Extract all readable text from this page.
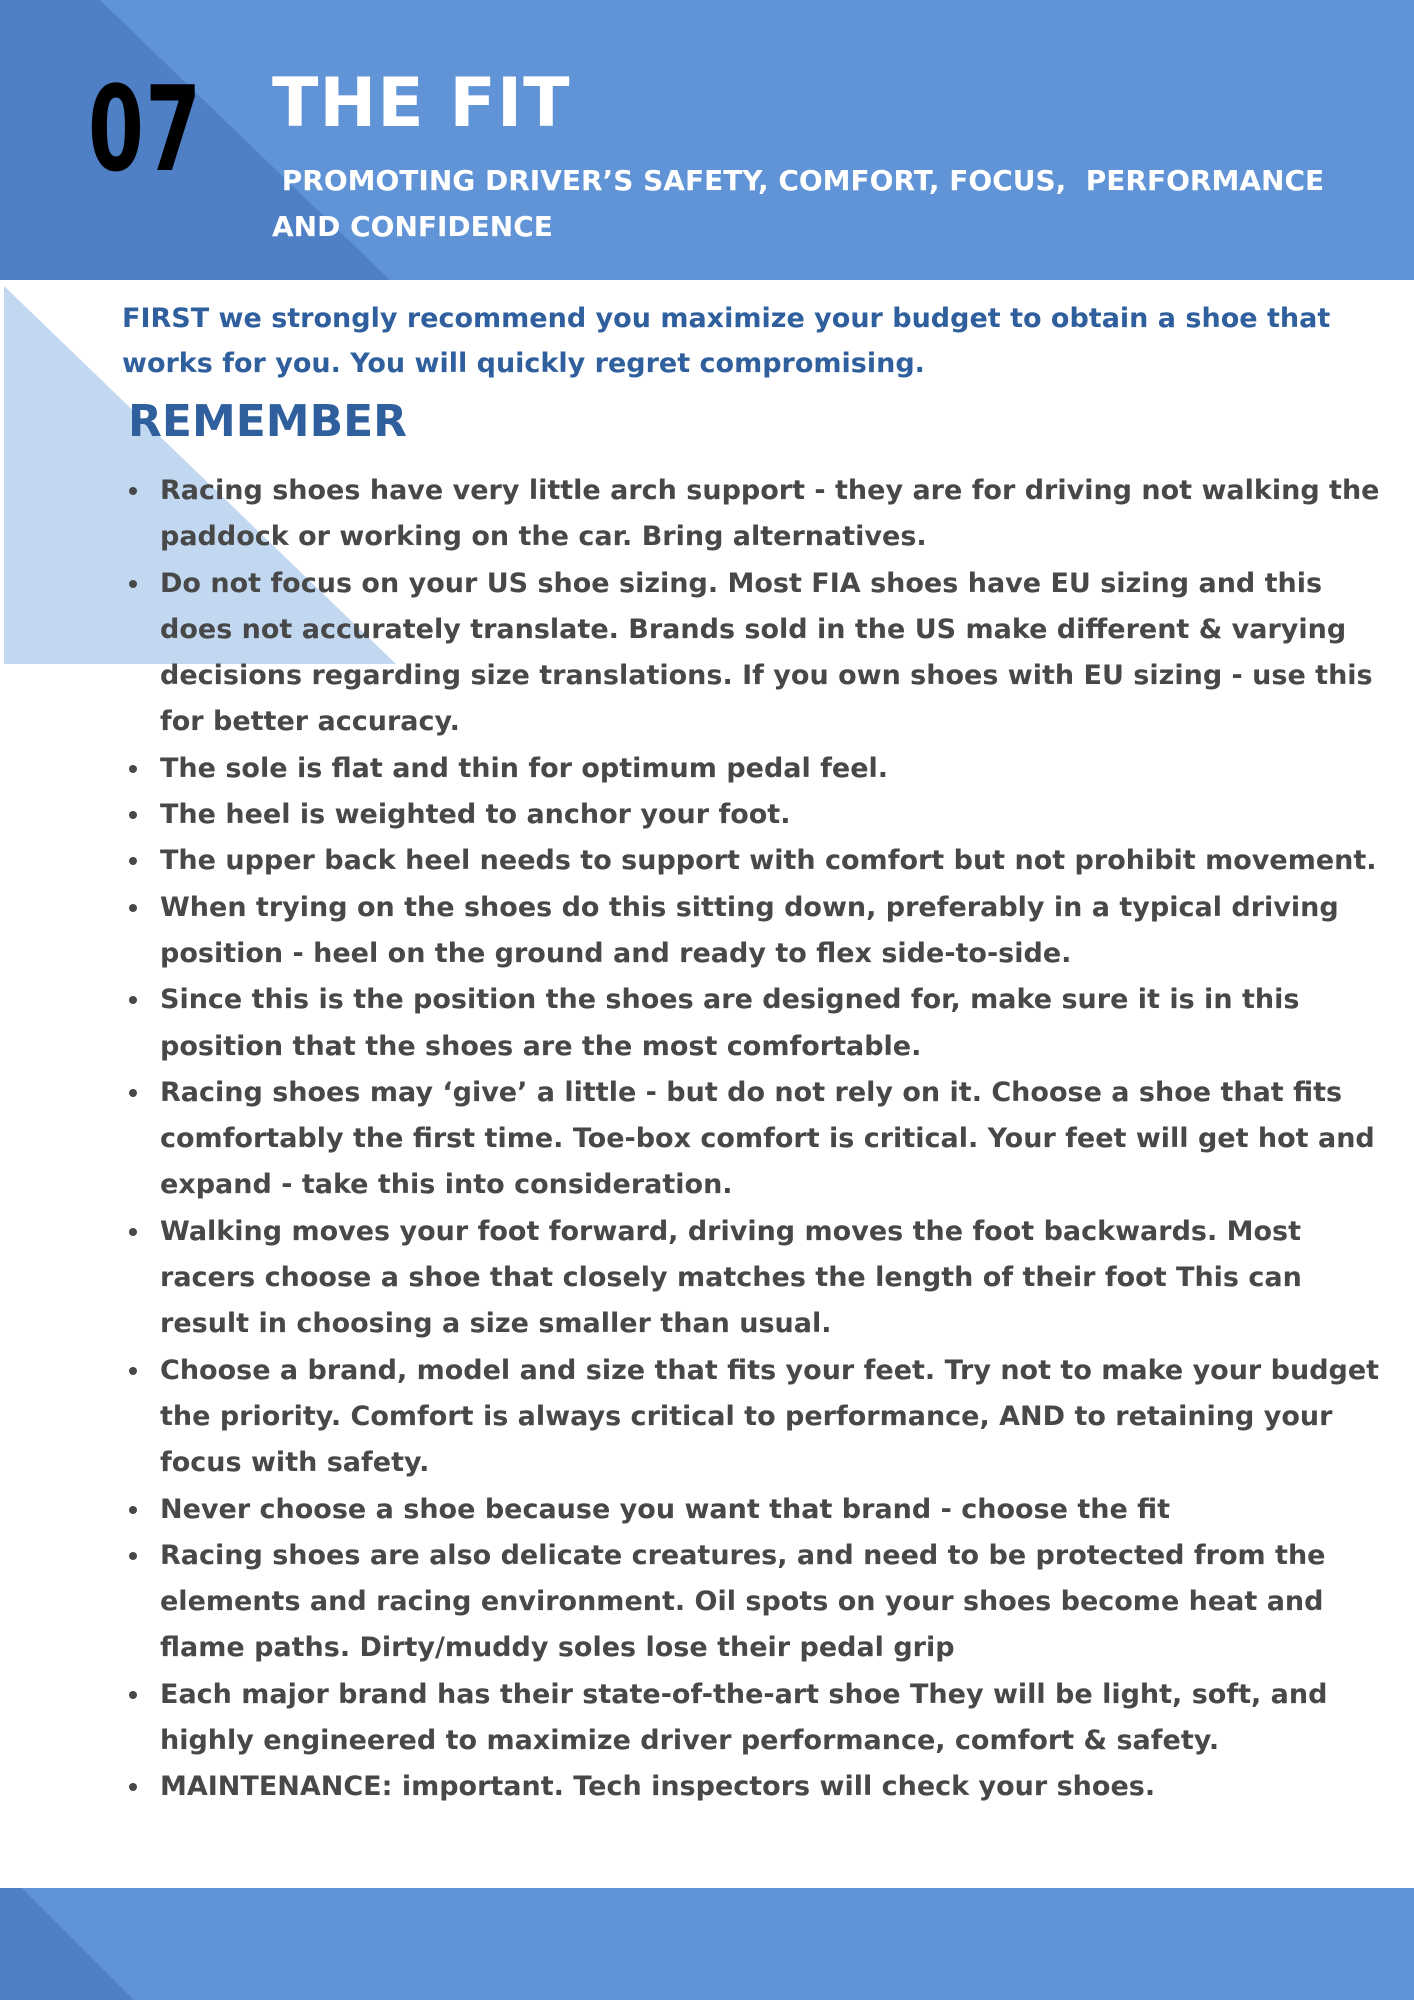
07 THE FIT
PROMOTING DRIVER’S SAFETY, COMFORT, FOCUS,  PERFORMANCE AND CONFIDENCE

FIRST we strongly recommend you maximize your budget to obtain a shoe that works for you. You will quickly regret compromising.

REMEMBER
Racing shoes have very little arch support - they are for driving not walking the paddock or working on the car. Bring alternatives.
Do not focus on your US shoe sizing. Most FIA shoes have EU sizing and this does not accurately translate. Brands sold in the US make different & varying decisions regarding size translations. If you own shoes with EU sizing - use this for better accuracy.
The sole is flat and thin for optimum pedal feel.
The heel is weighted to anchor your foot.
The upper back heel needs to support with comfort but not prohibit movement.
When trying on the shoes do this sitting down, preferably in a typical driving position - heel on the ground and ready to flex side-to-side.
Since this is the position the shoes are designed for, make sure it is in this position that the shoes are the most comfortable.
Racing shoes may ‘give’ a little - but do not rely on it. Choose a shoe that fits comfortably the first time. Toe-box comfort is critical. Your feet will get hot and expand - take this into consideration.
Walking moves your foot forward, driving moves the foot backwards. Most racers choose a shoe that closely matches the length of their foot This can result in choosing a size smaller than usual.
Choose a brand, model and size that fits your feet. Try not to make your budget the priority. Comfort is always critical to performance, AND to retaining your focus with safety.
Never choose a shoe because you want that brand - choose the fit
Racing shoes are also delicate creatures, and need to be protected from the elements and racing environment. Oil spots on your shoes become heat and flame paths. Dirty/muddy soles lose their pedal grip
Each major brand has their state-of-the-art shoe They will be light, soft, and highly engineered to maximize driver performance, comfort & safety.
MAINTENANCE: important. Tech inspectors will check your shoes.
